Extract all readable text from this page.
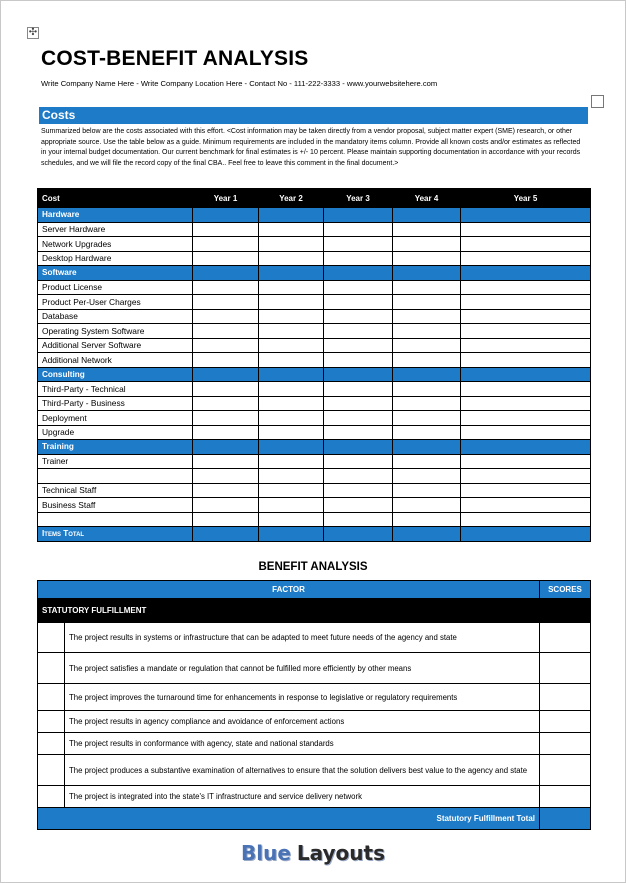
✣
COST-BENEFIT ANALYSIS
Write Company Name Here - Write Company Location Here - Contact No - 111-222-3333 - www.yourwebsitehere.com
Costs
Summarized below are the costs associated with this effort. <Cost information may be taken directly from a vendor proposal, subject matter expert (SME) research, or other appropriate source. Use the table below as a guide. Minimum requirements are included in the mandatory items column. Provide all known costs and/or estimates as reflected in your internal budget documentation. Our current benchmark for final estimates is +/- 10 percent. Please maintain supporting documentation in accordance with your records schedules, and we will file the record copy of the final CBA.. Feel free to leave this comment in the final document.>
Cost	Year 1	Year 2	Year 3	Year 4	Year 5
Hardware					
Server Hardware					
Network Upgrades					
Desktop Hardware					
Software					
Product License					
Product Per-User Charges					
Database					
Operating System Software					
Additional Server Software					
Additional Network					
Consulting					
Third-Party - Technical					
Third-Party - Business					
Deployment					
Upgrade					
Training					
Trainer					

Technical Staff					
Business Staff					

Items Total					
BENEFIT ANALYSIS
FACTOR		SCORES
STATUTORY FULFILLMENT		
	The project results in systems or infrastructure that can be adapted to meet future needs of the agency and state	
	The project satisfies a mandate or regulation that cannot be fulfilled more efficiently by other means	
	The project improves the turnaround time for enhancements in response to legislative or regulatory requirements	
	The project results in agency compliance and avoidance of enforcement actions	
	The project results in conformance with agency, state and national standards	
	The project produces a substantive examination of alternatives to ensure that the solution delivers best value to the agency and state	
	The project is integrated into the state's IT infrastructure and service delivery network	
Statutory Fulfillment Total		
Blue Layouts
